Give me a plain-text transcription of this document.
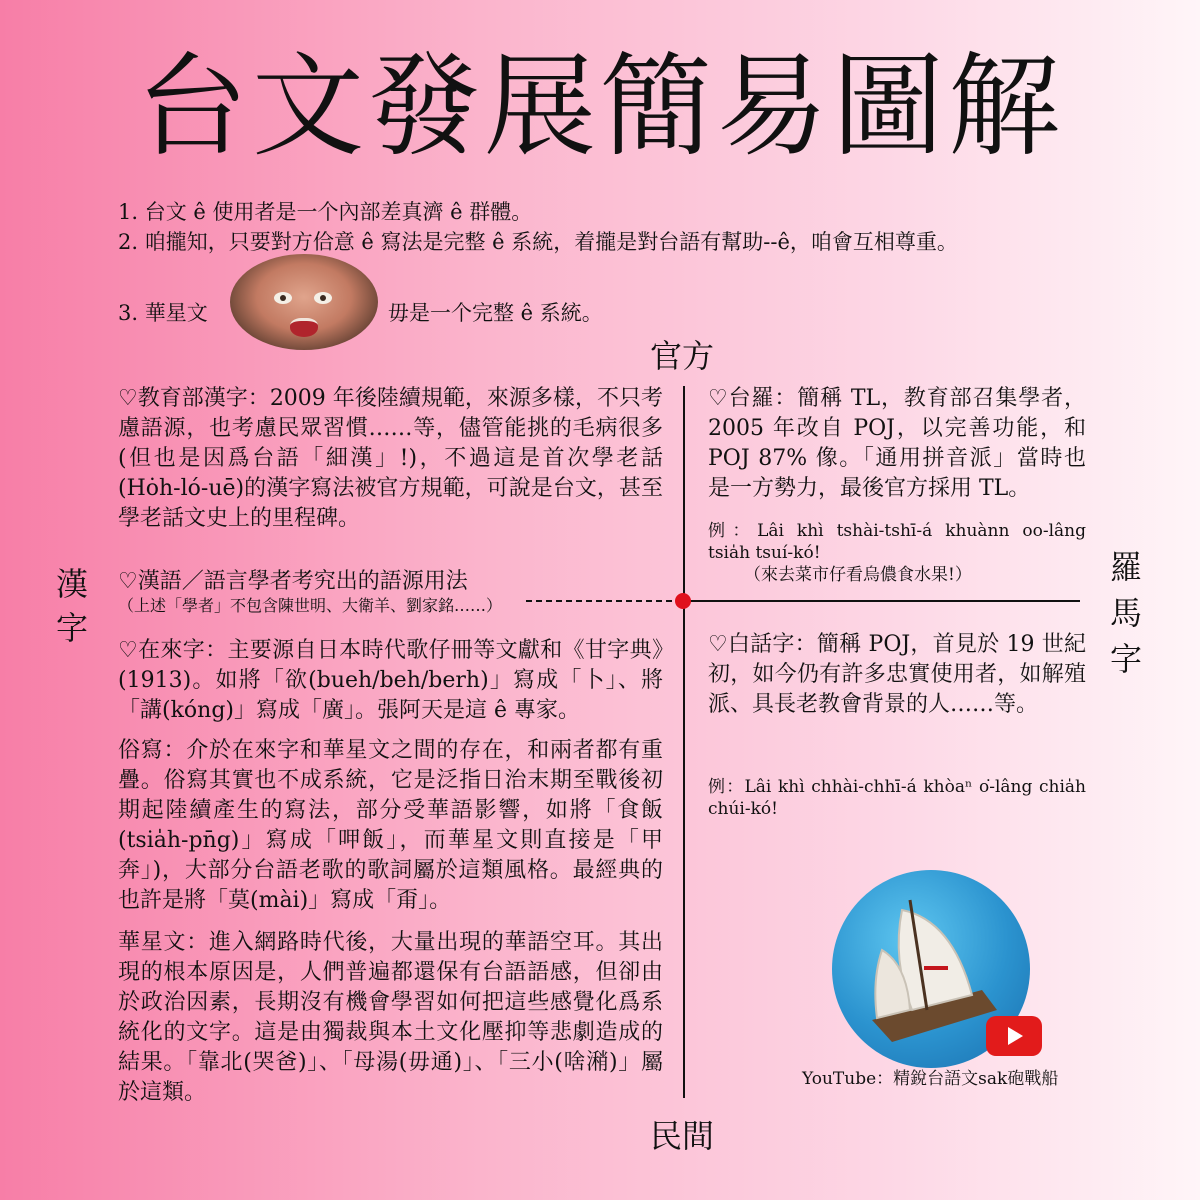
台文發展簡易圖解
1. 台文 ê 使用者是一个內部差真濟 ê 群體。
2. 咱攏知，只要對方佮意 ê 寫法是完整 ê 系統，着攏是對台語有幫助--ê，咱會互相尊重。
3. 華星文	毋是一个完整 ê 系統。
官方
民間
漢字
羅馬字
♡教育部漢字：2009 年後陸續規範，來源多樣，不只考慮語源，也考慮民眾習慣……等，儘管能挑的毛病很多(但也是因爲台語「細漢」!)，不過這是首次學老話(Hȯh-ló-uē)的漢字寫法被官方規範，可說是台文，甚至學老話文史上的里程碑。
♡漢語／語言學者考究出的語源用法
（上述「學者」不包含陳世明、大衛羊、劉家銘……）
♡在來字：主要源自日本時代歌仔冊等文獻和《甘字典》(1913)。如將「欲(bueh/beh/berh)」寫成「卜」、將「講(kóng)」寫成「廣」。張阿天是這 ê 專家。
俗寫：介於在來字和華星文之間的存在，和兩者都有重疊。俗寫其實也不成系統，它是泛指日治末期至戰後初期起陸續產生的寫法，部分受華語影響，如將「食飯(tsia̍h-pn̄g)」寫成「呷飯」，而華星文則直接是「甲奔」)，大部分台語老歌的歌詞屬於這類風格。最經典的也許是將「莫(mài)」寫成「甭」。
華星文：進入網路時代後，大量出現的華語空耳。其出現的根本原因是，人們普遍都還保有台語語感，但卻由於政治因素，長期沒有機會學習如何把這些感覺化爲系統化的文字。這是由獨裁與本土文化壓抑等悲劇造成的結果。「靠北(哭爸)」、「母湯(毋通)」、「三小(啥潲)」屬於這類。
♡台羅：簡稱 TL，教育部召集學者，2005 年改自 POJ，以完善功能，和 POJ 87% 像。「通用拼音派」當時也是一方勢力，最後官方採用 TL。
例：Lâi khì tshài-tshī-á khuànn oo-lâng tsia̍h tsuí-kó!
（來去菜市仔看烏儂食水果!）
♡白話字：簡稱 POJ，首見於 19 世紀初，如今仍有許多忠實使用者，如解殖派、具長老教會背景的人……等。
例：Lâi khì chhài-chhī-á khòaⁿ o͘-lâng chia̍h chúi-kó!
YouTube：精銳台語文sak砲戰船
